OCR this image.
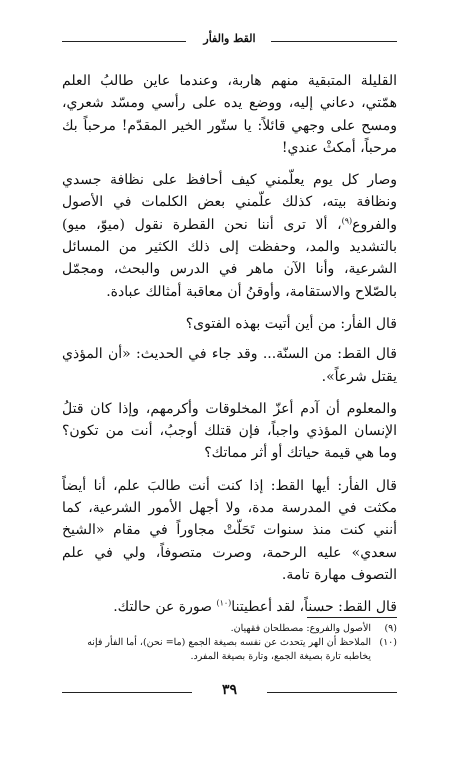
القط والفأر

القليلة المتبقية منهم هاربة، وعندما عاين طالبُ العلم همّتي، دعاني إليه، ووضع يده على رأسي ومسّد شعري، ومسح على وجهي قائلاً: يا ستّور الخير المقدّم! مرحباً بك مرحباً، أمكثْ عندي!

وصار كل يوم يعلّمني كيف أحافظ على نظافة جسدي ونظافة بيته، كذلك علّمني بعض الكلمات في الأصول والفروع$^{(٩)}$، ألا ترى أننا نحن القطرة نقول (ميوّ، ميو) بالتشديد والمد، وحفظت إلى ذلك الكثير من المسائل الشرعية، وأنا الآن ماهر في الدرس والبحث، ومجمّل بالصّلاح والاستقامة، وأوقنُ أن معاقبة أمثالك عبادة.

قال الفأر: من أين أتيت بهذه الفتوى؟

قال القط: من السنّة... وقد جاء في الحديث: «أن المؤذي يقتل شرعاً».

والمعلوم أن آدم أعزّ المخلوقات وأكرمهم، وإذا كان قتلُ الإنسان المؤذي واجباً، فإن قتلك أوجبُ، أنت من تكون؟ وما هي قيمة حياتك أو أثر مماتك؟

قال الفأر: أيها القط: إذا كنت أنت طالبَ علم، أنا أيضاً مكثت في المدرسة مدة، ولا أجهل الأمور الشرعية، كما أنني كنت منذ سنوات تَحَلّتْ مجاوراً في مقام «الشيخ سعدي» عليه الرحمة، وصرت متصوفاً، ولي في علم التصوف مهارة تامة.

قال القط: حسناً، لقد أعطيتنا$^{(١٠)}$ صورة عن حالتك.

(٩)
الأصول والفروع: مصطلحان فقهيان.
(١٠)
الملاحظ أن الهر يتحدث عن نفسه بصيغة الجمع (ما= نحن)، أما الفأر فإنه يخاطبه تارة بصيغة الجمع، وتارة بصيغة المفرد.
٣٩
